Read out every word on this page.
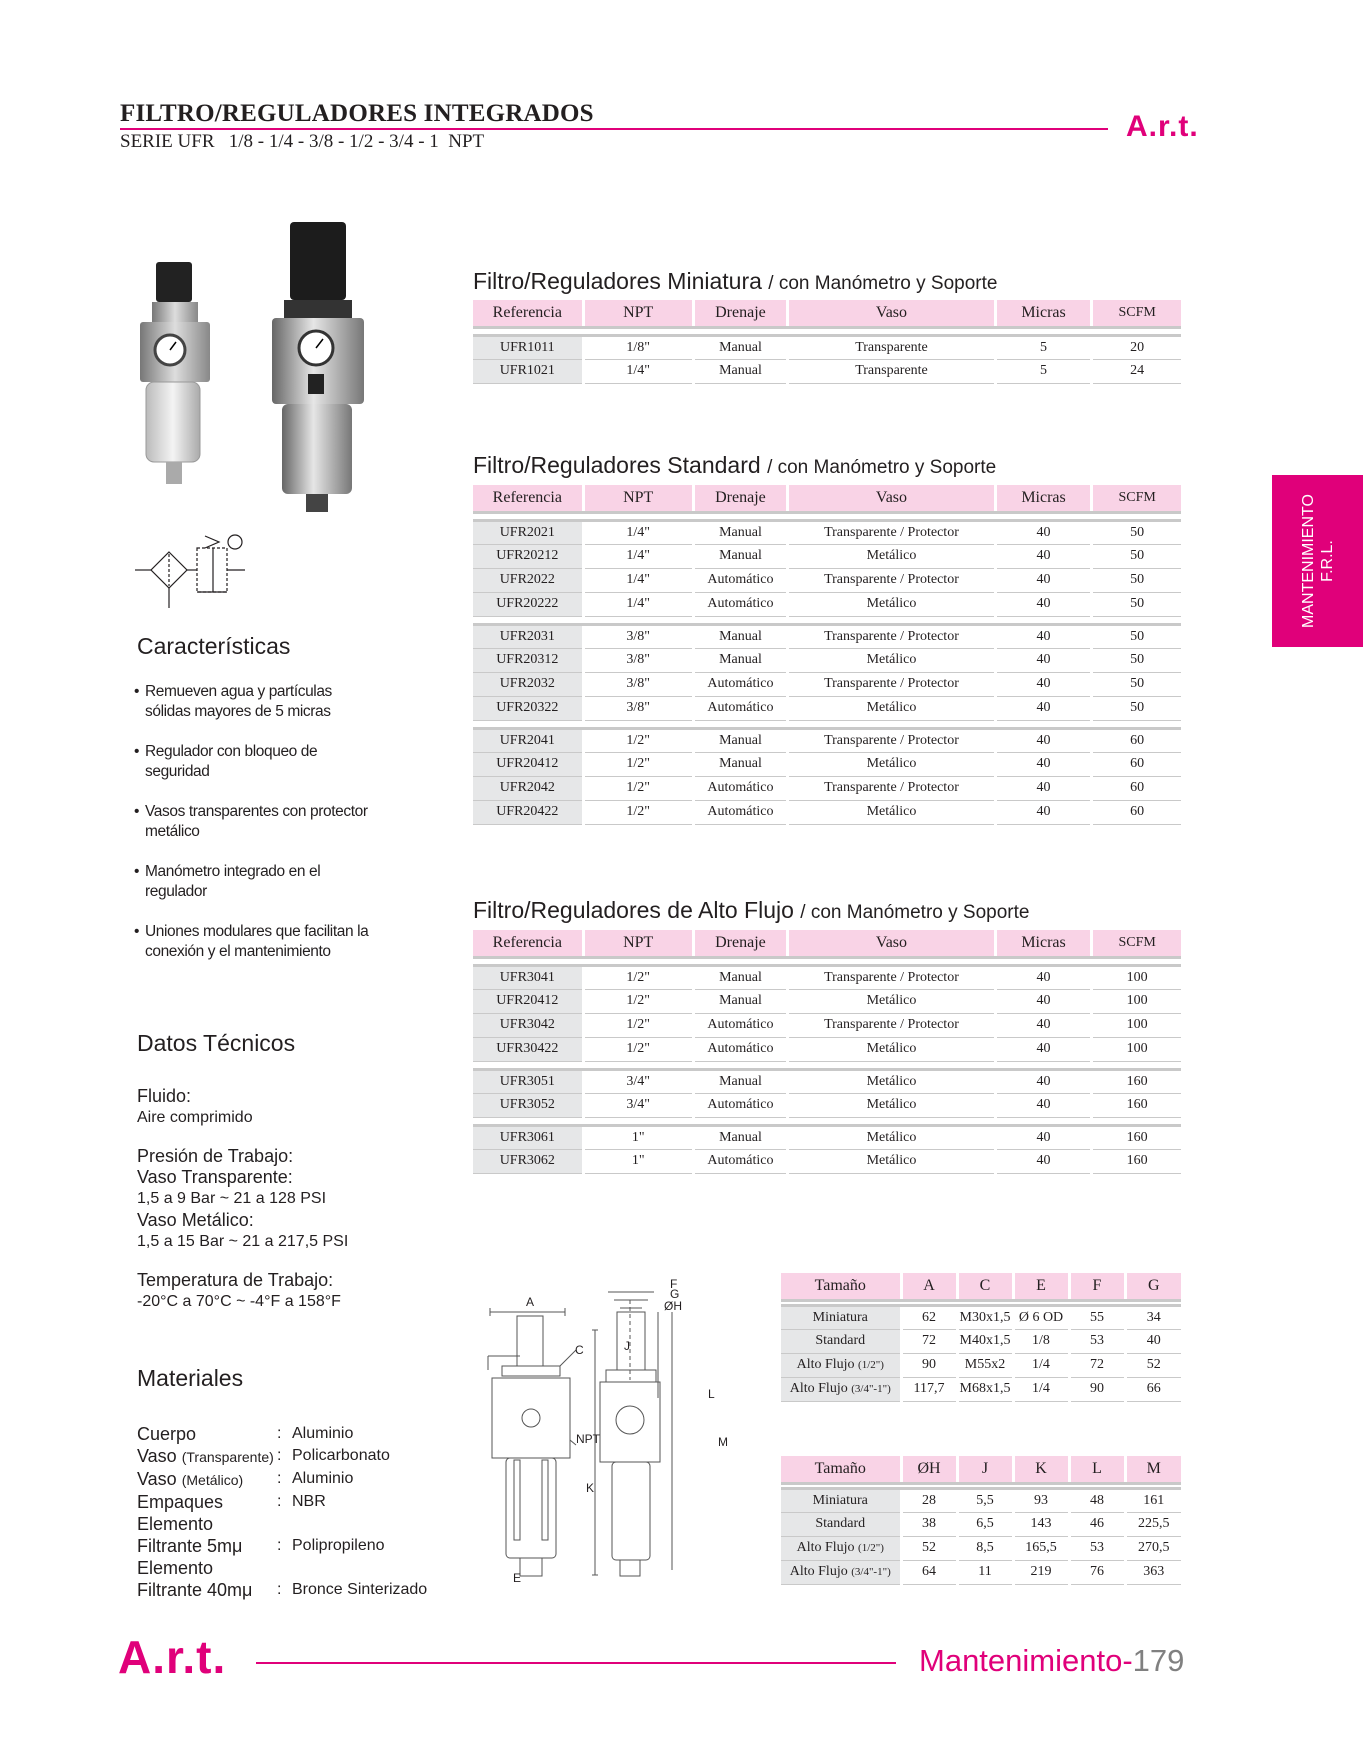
FILTRO/REGULADORES INTEGRADOS
SERIE UFR   1/8 - 1/4 - 3/8 - 1/2 - 3/4 - 1  NPT	A.r.t.
MANTENIMIENTO F.R.L.
Filtro/Reguladores Miniatura / con Manómetro y Soporte
Filtro/Reguladores Standard / con Manómetro y Soporte
Filtro/Reguladores de Alto Flujo / con Manómetro y Soporte
Referencia	NPT	Drenaje	Vaso	Micras	SCFM

UFR1011	1/8"	Manual	Transparente	5	20
UFR1021	1/4"	Manual	Transparente	5	24
Referencia	NPT	Drenaje	Vaso	Micras	SCFM

UFR2021	1/4"	Manual	Transparente / Protector	40	50
UFR20212	1/4"	Manual	Metálico	40	50
UFR2022	1/4"	Automático	Transparente / Protector	40	50
UFR20222	1/4"	Automático	Metálico	40	50

UFR2031	3/8"	Manual	Transparente / Protector	40	50
UFR20312	3/8"	Manual	Metálico	40	50
UFR2032	3/8"	Automático	Transparente / Protector	40	50
UFR20322	3/8"	Automático	Metálico	40	50

UFR2041	1/2"	Manual	Transparente / Protector	40	60
UFR20412	1/2"	Manual	Metálico	40	60
UFR2042	1/2"	Automático	Transparente / Protector	40	60
UFR20422	1/2"	Automático	Metálico	40	60
Referencia	NPT	Drenaje	Vaso	Micras	SCFM

UFR3041	1/2"	Manual	Transparente / Protector	40	100
UFR20412	1/2"	Manual	Metálico	40	100
UFR3042	1/2"	Automático	Transparente / Protector	40	100
UFR30422	1/2"	Automático	Metálico	40	100

UFR3051	3/4"	Manual	Metálico	40	160
UFR3052	3/4"	Automático	Metálico	40	160

UFR3061	1"	Manual	Metálico	40	160
UFR3062	1"	Automático	Metálico	40	160
Características
• Remueven agua y partículas sólidas mayores de 5 micras
• Regulador con bloqueo de seguridad
• Vasos transparentes con protector metálico
• Manómetro integrado en el regulador
• Uniones modulares que facilitan la conexión y el mantenimiento
Datos Técnicos
Fluido:
Aire comprimido
Presión de Trabajo:
Vaso Transparente:
1,5 a 9 Bar ~ 21 a 128 PSI
Vaso Metálico:
1,5 a 15 Bar ~ 21 a 217,5 PSI
Temperatura de Trabajo:
-20°C a 70°C ~ -4°F a 158°F
Materiales
Cuerpo	: Aluminio
Vaso (Transparente) : Policarbonato
Vaso (Metálico)	: Aluminio
Empaques	: NBR
Elemento
Filtrante 5mμ	: Polipropileno
Elemento
Filtrante 40mμ	: Bronce Sinterizado
A
C
NPT
K
E
F
G
ØH
J
L
M
Tamaño	A	C	E	F	G

Miniatura	62	M30x1,5	Ø 6 OD	55	34
Standard	72	M40x1,5	1/8	53	40
Alto Flujo (1/2")	90	M55x2	1/4	72	52
Alto Flujo (3/4"-1")	117,7	M68x1,5	1/4	90	66
Tamaño	ØH	J	K	L	M

Miniatura	28	5,5	93	48	161
Standard	38	6,5	143	46	225,5
Alto Flujo (1/2")	52	8,5	165,5	53	270,5
Alto Flujo (3/4"-1")	64	11	219	76	363
A.r.t.	Mantenimiento-179
